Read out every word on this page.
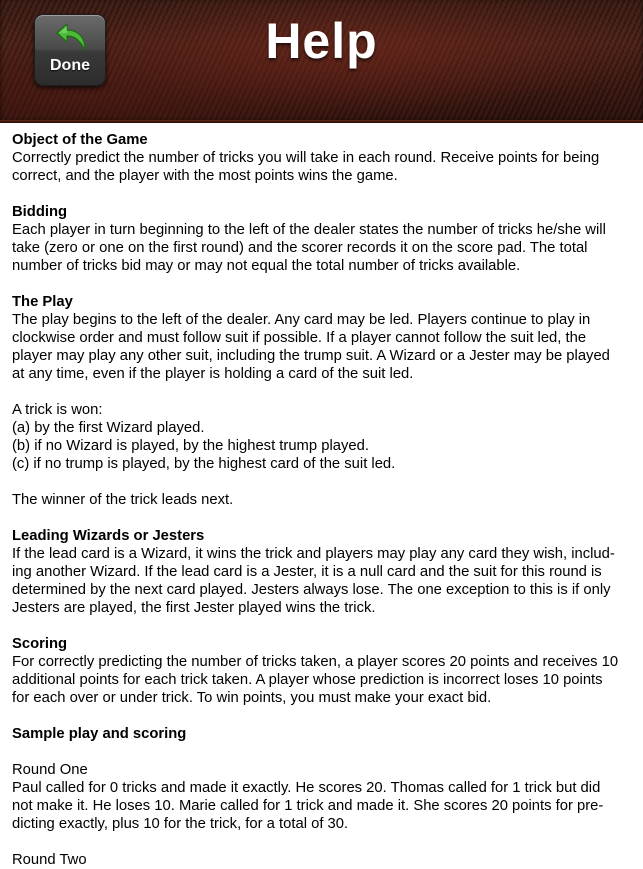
Done	Help

Object of the Game

Correctly predict the number of tricks you will take in each round. Receive points for being

correct, and the player with the most points wins the game.

Bidding

Each player in turn beginning to the left of the dealer states the number of tricks he/she will

take (zero or one on the first round) and the scorer records it on the score pad. The total

number of tricks bid may or may not equal the total number of tricks available.

The Play

The play begins to the left of the dealer. Any card may be led. Players continue to play in

clockwise order and must follow suit if possible. If a player cannot follow the suit led, the

player may play any other suit, including the trump suit. A Wizard or a Jester may be played

at any time, even if the player is holding a card of the suit led.

A trick is won:

(a) by the first Wizard played.

(b) if no Wizard is played, by the highest trump played.

(c) if no trump is played, by the highest card of the suit led.

The winner of the trick leads next.

Leading Wizards or Jesters

If the lead card is a Wizard, it wins the trick and players may play any card they wish, includ-

ing another Wizard. If the lead card is a Jester, it is a null card and the suit for this round is

determined by the next card played. Jesters always lose. The one exception to this is if only

Jesters are played, the first Jester played wins the trick.

Scoring

For correctly predicting the number of tricks taken, a player scores 20 points and receives 10

additional points for each trick taken. A player whose prediction is incorrect loses 10 points

for each over or under trick. To win points, you must make your exact bid.

Sample play and scoring

Round One

Paul called for 0 tricks and made it exactly. He scores 20. Thomas called for 1 trick but did

not make it. He loses 10. Marie called for 1 trick and made it. She scores 20 points for pre-

dicting exactly, plus 10 for the trick, for a total of 30.

Round Two
